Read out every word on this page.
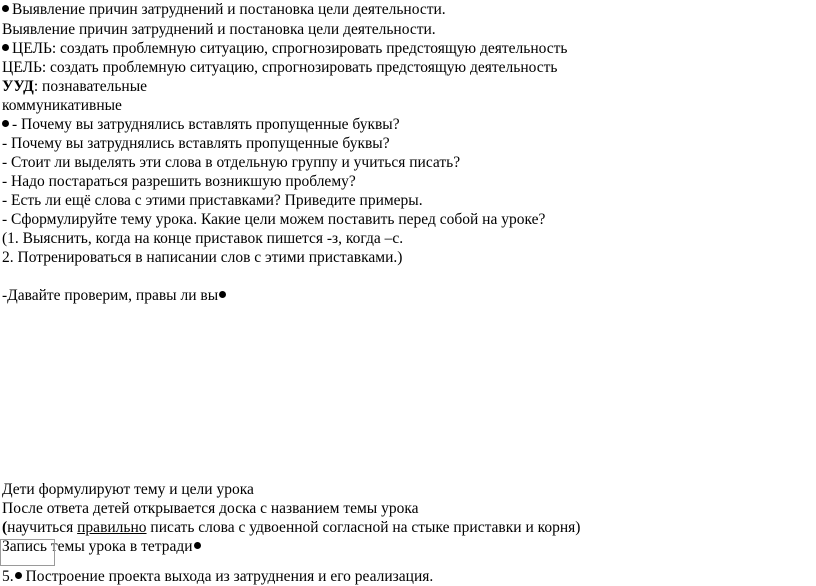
Выявление причин затруднений и постановка цели деятельности.
Выявление причин затруднений и постановка цели деятельности.
ЦЕЛЬ: создать проблемную ситуацию, спрогнозировать предстоящую деятельность
ЦЕЛЬ: создать проблемную ситуацию, спрогнозировать предстоящую деятельность
УУД: познавательные
коммуникативные
- Почему вы затруднялись вставлять пропущенные буквы?
- Почему вы затруднялись вставлять пропущенные буквы?
- Стоит ли выделять эти слова в отдельную группу и учиться писать?
- Надо постараться разрешить возникшую проблему?
- Есть ли ещё слова с этими приставками? Приведите примеры.
- Сформулируйте тему урока. Какие цели можем поставить перед собой на уроке?
(1. Выяснить, когда на конце приставок пишется -з, когда –с.
2. Потренироваться в написании слов с этими приставками.)
-Давайте проверим, правы ли вы
Дети формулируют тему и цели урока
После ответа детей открывается доска с названием темы урока
(научиться правильно писать слова с удвоенной согласной на стыке приставки и корня)
Запись темы урока в тетради
5. Построение проекта выхода из затруднения и его реализация.
